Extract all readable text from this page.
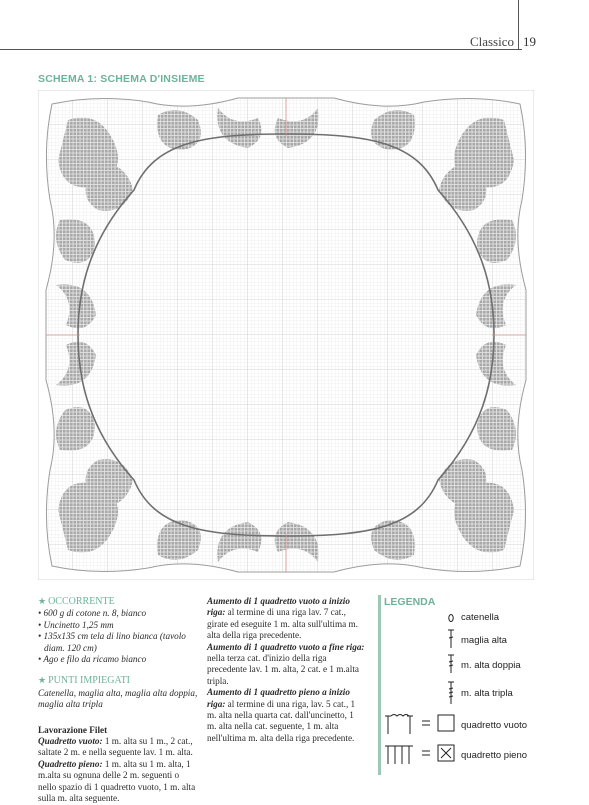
Classico 19
SCHEMA 1: SCHEMA D'INSIEME
★ OCCORRENTE
• 600 g di cotone n. 8, bianco
• Uncinetto 1,25 mm
• 135x135 cm tela di lino bianca (tavolo diam. 120 cm)
• Ago e filo da ricamo bianco
★ PUNTI IMPIEGATI

Catenella, maglia alta, maglia alta doppia, maglia alta tripla

Lavorazione Filet

Quadretto vuoto: 1 m. alta su 1 m., 2 cat., saltate 2 m. e nella seguente lav. 1 m. alta.

Quadretto pieno: 1 m. alta su 1 m. alta, 1 m.alta su ognuna delle 2 m. seguenti o nello spazio di 1 quadretto vuoto, 1 m. alta sulla m. alta seguente.

Aumento di 1 quadretto vuoto a inizio riga: al termine di una riga lav. 7 cat., girate ed eseguite 1 m. alta sull'ultima m. alta della riga precedente.

Aumento di 1 quadretto vuoto a fine riga: nella terza cat. d'inizio della riga precedente lav. 1 m. alta, 2 cat. e 1 m.alta tripla.

Aumento di 1 quadretto pieno a inizio riga: al termine di una riga, lav. 5 cat., 1 m. alta nella quarta cat. dall'uncinetto, 1 m. alta nella cat. seguente, 1 m. alta nell'ultima m. alta della riga precedente.

LEGENDA
catenella
maglia alta
m. alta doppia
m. alta tripla
quadretto vuoto
quadretto pieno
